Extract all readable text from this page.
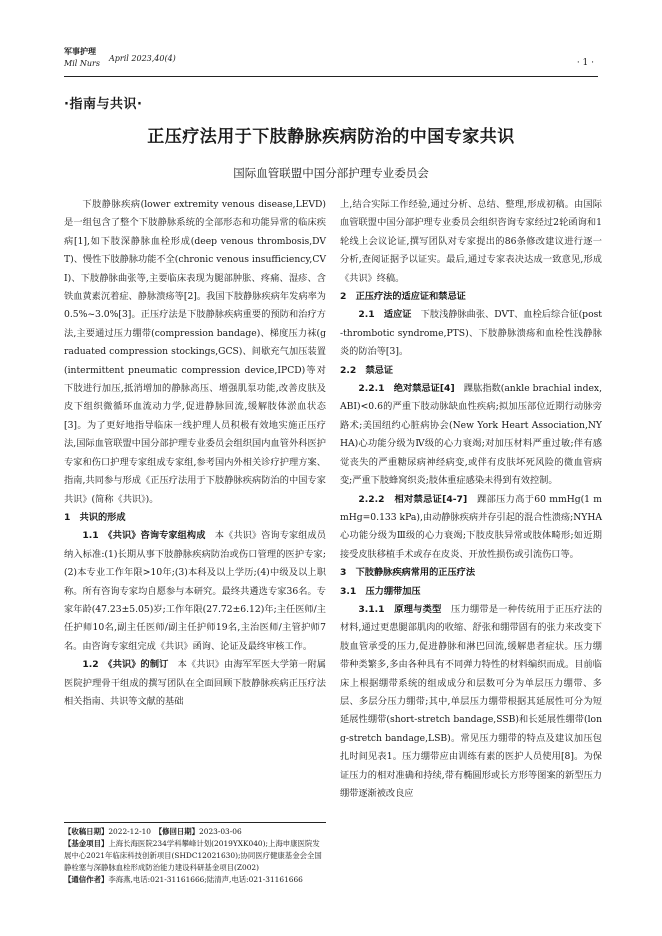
军事护理
Mil Nurs
April 2023,40(4)	· 1 ·
·指南与共识·
正压疗法用于下肢静脉疾病防治的中国专家共识
国际血管联盟中国分部护理专业委员会

下肢静脉疾病(lower extremity venous disease,LEVD)是一组包含了整个下肢静脉系统的全部形态和功能异常的临床疾病[1],如下肢深静脉血栓形成(deep venous thrombosis,DVT)、慢性下肢静脉功能不全(chronic venous insufficiency,CVI)、下肢静脉曲张等,主要临床表现为腿部肿胀、疼痛、湿疹、含铁血黄素沉着症、静脉溃疡等[2]。我国下肢静脉疾病年发病率为0.5%~3.0%[3]。正压疗法是下肢静脉疾病重要的预防和治疗方法,主要通过压力绷带(compression bandage)、梯度压力袜(graduated compression stockings,GCS)、间歇充气加压装置(intermittent pneumatic compression device,IPCD)等对下肢进行加压,抵消增加的静脉高压、增强肌泵功能,改善皮肤及皮下组织微循环血流动力学,促进静脉回流,缓解肢体淤血状态[3]。为了更好地指导临床一线护理人员积极有效地实施正压疗法,国际血管联盟中国分部护理专业委员会组织国内血管外科医护专家和伤口护理专家组成专家组,参考国内外相关诊疗护理方案、指南,共同参与形成《正压疗法用于下肢静脉疾病防治的中国专家共识》(简称《共识》)。

1　共识的形成

1.1　《共识》咨询专家组构成　 本《共识》咨询专家组成员纳入标准:(1)长期从事下肢静脉疾病防治或伤口管理的医护专家;(2)本专业工作年限>10年;(3)本科及以上学历;(4)中级及以上职称。所有咨询专家均自愿参与本研究。最终共遴选专家36名。专家年龄(47.23±5.05)岁;工作年限(27.72±6.12)年;主任医师/主任护师10名,副主任医师/副主任护师19名,主治医师/主管护师7名。由咨询专家组完成《共识》函询、论证及最终审核工作。

1.2　《共识》的制订　 本《共识》由海军军医大学第一附属医院护理骨干组成的撰写团队在全面回顾下肢静脉疾病正压疗法相关指南、共识等文献的基础

【收稿日期】2022-12-10　 【修回日期】2023-03-06

【基金项目】上海长海医院234学科攀峰计划(2019YXK040);上海申康医院发展中心2021年临床科技创新项目(SHDC12021630);协同医疗健康基金会全国静栓塞与深静脉血栓形成防治能力建设科研基金项目(Z002)

【通信作者】李海燕,电话:021-31161666;陆清声,电话:021-31161666

上,结合实际工作经验,通过分析、总结、整理,形成初稿。由国际血管联盟中国分部护理专业委员会组织咨询专家经过2轮函询和1轮线上会议论证,撰写团队对专家提出的86条修改建议进行逐一分析,查阅证据予以证实。最后,通过专家表决达成一致意见,形成《共识》终稿。

2　正压疗法的适应证和禁忌证

2.1　适应证　 下肢浅静脉曲张、DVT、血栓后综合征(post-thrombotic syndrome,PTS)、下肢静脉溃疡和血栓性浅静脉炎的防治等[3]。

2.2　禁忌证

2.2.1　绝对禁忌证[4]　 踝肱指数(ankle brachial index,ABI)<0.6的严重下肢动脉缺血性疾病;拟加压部位近期行动脉旁路术;美国纽约心脏病协会(New York Heart Association,NYHA)心功能分级为Ⅳ级的心力衰竭;对加压材料严重过敏;伴有感觉丧失的严重糖尿病神经病变,或伴有皮肤坏死风险的微血管病变;严重下肢蜂窝织炎;肢体重症感染未得到有效控制。

2.2.2　相对禁忌证[4-7]　 踝部压力高于60 mmHg(1 mmHg=0.133 kPa),由动静脉疾病并存引起的混合性溃疡;NYHA心功能分级为Ⅲ级的心力衰竭;下肢皮肤异常或肢体畸形;如近期接受皮肤移植手术或存在皮炎、开放性损伤或引流伤口等。

3　下肢静脉疾病常用的正压疗法

3.1　压力绷带加压

3.1.1　原理与类型　 压力绷带是一种传统用于正压疗法的材料,通过更患腿部肌肉的收缩、舒张和绷带固有的张力来改变下肢血管承受的压力,促进静脉和淋巴回流,缓解患者症状。压力绷带种类繁多,多由各种具有不同弹力特性的材料编织而成。目前临床上根据绷带系统的组成成分和层数可分为单层压力绷带、多层、多层分压力绷带;其中,单层压力绷带根据其延展性可分为短延展性绷带(short-stretch bandage,SSB)和长延展性绷带(long-stretch bandage,LSB)。常见压力绷带的特点及建议加压包扎时间见表1。压力绷带应由训练有素的医护人员使用[8]。为保证压力的相对准确和持续,带有椭圆形或长方形等图案的新型压力绷带逐渐被改良应
